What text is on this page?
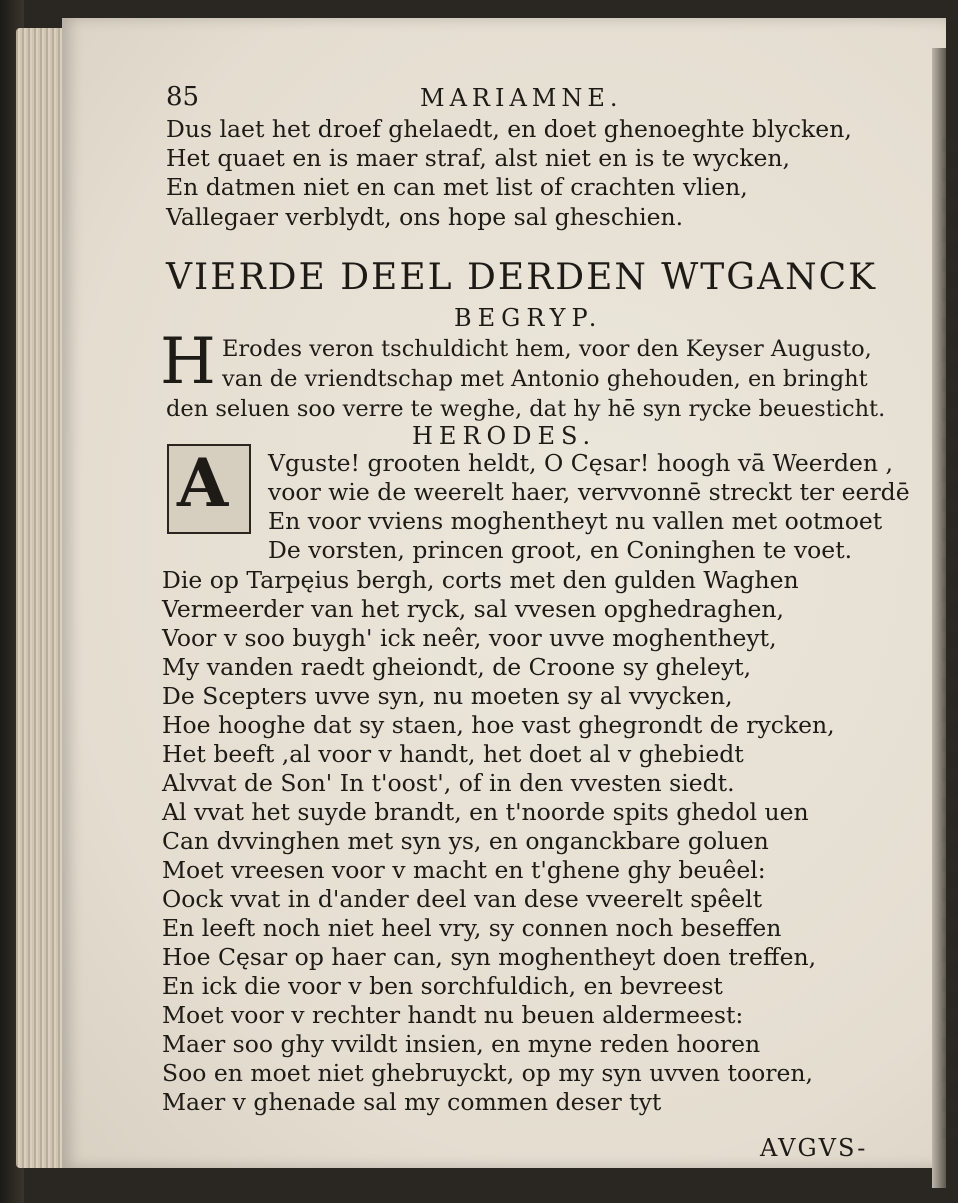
85	MARIAMNE.
Dus laet het droef ghelaedt, en doet ghenoeghte blycken,
Het quaet en is maer straf, alst niet en is te wycken,
En datmen niet en can met list of crachten vlien,
Vallegaer verblydt, ons hope sal gheschien.
VIERDE DEEL DERDEN WTGANCK
BEGRYP.
H Erodes veron tschuldicht hem, voor den Keyser Augusto,
van de vriendtschap met Antonio ghehouden, en bringht
den seluen soo verre te weghe, dat hy hē syn rycke beuesticht.
HERODES.
A Vguste! grooten heldt, O Cęsar! hoogh vā Weerden ,
voor wie de weerelt haer, vervvonnē streckt ter eerdē
En voor vviens moghentheyt nu vallen met ootmoet
De vorsten, princen groot, en Coninghen te voet.
Die op Tarpęius bergh, corts met den gulden Waghen
Vermeerder van het ryck, sal vvesen opghedraghen,
Voor v soo buygh' ick neêr, voor uvve moghentheyt,
My vanden raedt gheiondt, de Croone sy gheleyt,
De Scepters uvve syn, nu moeten sy al vvycken,
Hoe hooghe dat sy staen, hoe vast ghegrondt de rycken,
Het beeft ,al voor v handt, het doet al v ghebiedt
Alvvat de Son' In t'oost', of in den vvesten siedt.
Al vvat het suyde brandt, en t'noorde spits ghedol uen
Can dvvinghen met syn ys, en onganckbare goluen
Moet vreesen voor v macht en t'ghene ghy beuêel:
Oock vvat in d'ander deel van dese vveerelt spêelt
En leeft noch niet heel vry, sy connen noch beseffen
Hoe Cęsar op haer can, syn moghentheyt doen treffen,
En ick die voor v ben sorchfuldich, en bevreest
Moet voor v rechter handt nu beuen aldermeest:
Maer soo ghy vvildt insien, en myne reden hooren
Soo en moet niet ghebruyckt, op my syn uvven tooren,
Maer v ghenade sal my commen deser tyt
AVGVS-
